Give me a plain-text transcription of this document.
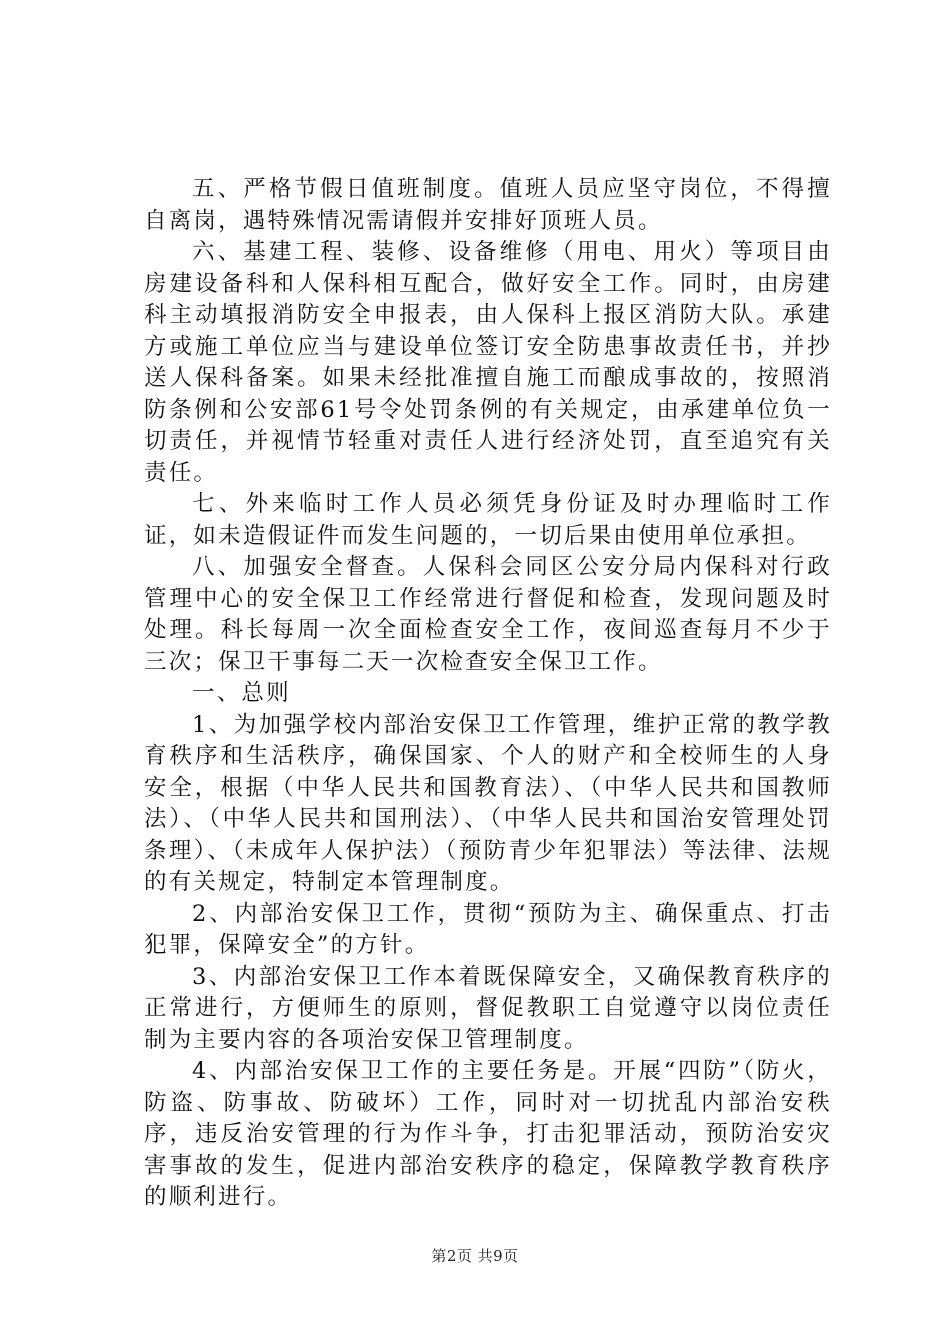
五、严格节假日值班制度。值班人员应坚守岗位，不得擅自离岗，遇特殊情况需请假并安排好顶班人员。

六、基建工程、装修、设备维修（用电、用火）等项目由房建设备科和人保科相互配合，做好安全工作。同时，由房建科主动填报消防安全申报表，由人保科上报区消防大队。承建方或施工单位应当与建设单位签订安全防患事故责任书，并抄送人保科备案。如果未经批准擅自施工而酿成事故的，按照消防条例和公安部61号令处罚条例的有关规定，由承建单位负一切责任，并视情节轻重对责任人进行经济处罚，直至追究有关责任。

七、外来临时工作人员必须凭身份证及时办理临时工作证，如未造假证件而发生问题的，一切后果由使用单位承担。

八、加强安全督查。人保科会同区公安分局内保科对行政管理中心的安全保卫工作经常进行督促和检查，发现问题及时处理。科长每周一次全面检查安全工作，夜间巡查每月不少于三次；保卫干事每二天一次检查安全保卫工作。

一、总则

1、为加强学校内部治安保卫工作管理，维护正常的教学教育秩序和生活秩序，确保国家、个人的财产和全校师生的人身安全，根据（中华人民共和国教育法）、（中华人民共和国教师法）、（中华人民共和国刑法）、（中华人民共和国治安管理处罚条理）、（未成年人保护法）（预防青少年犯罪法）等法律、法规的有关规定，特制定本管理制度。

2、内部治安保卫工作，贯彻“预防为主、确保重点、打击犯罪，保障安全”的方针。

3、内部治安保卫工作本着既保障安全，又确保教育秩序的正常进行，方便师生的原则，督促教职工自觉遵守以岗位责任制为主要内容的各项治安保卫管理制度。

4、内部治安保卫工作的主要任务是。开展“四防”（防火，防盗、防事故、防破坏）工作，同时对一切扰乱内部治安秩序，违反治安管理的行为作斗争，打击犯罪活动，预防治安灾害事故的发生，促进内部治安秩序的稳定，保障教学教育秩序的顺利进行。

第2页 共9页
